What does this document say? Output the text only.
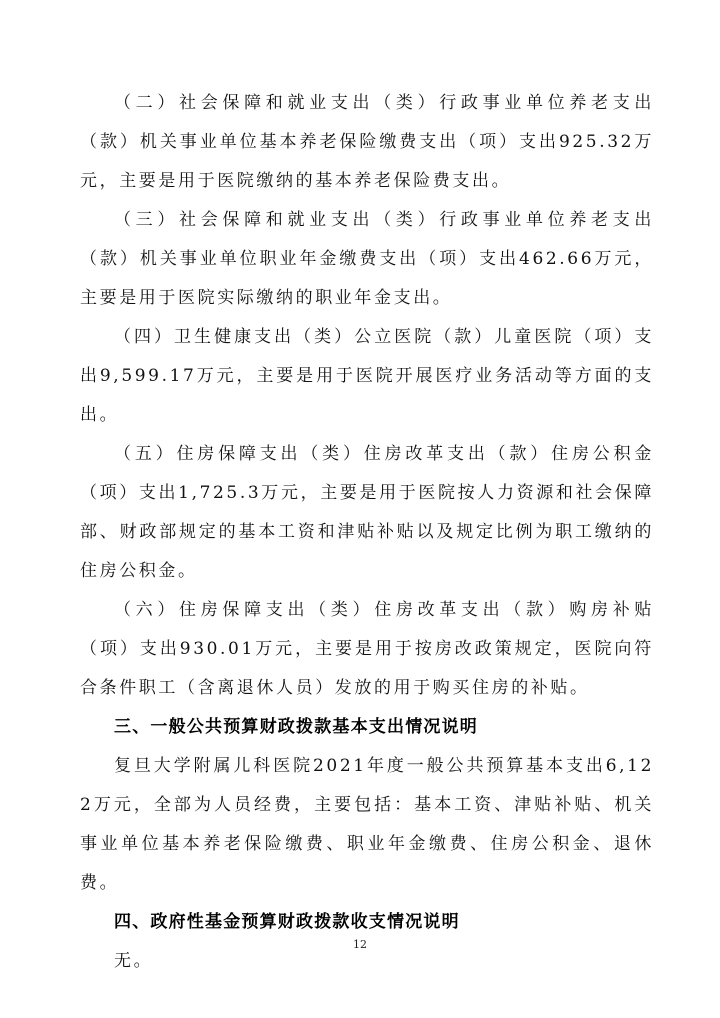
（二）社会保障和就业支出（类）行政事业单位养老支出（款）机关事业单位基本养老保险缴费支出（项）支出925.32万元，主要是用于医院缴纳的基本养老保险费支出。

（三）社会保障和就业支出（类）行政事业单位养老支出（款）机关事业单位职业年金缴费支出（项）支出462.66万元，主要是用于医院实际缴纳的职业年金支出。

（四）卫生健康支出（类）公立医院（款）儿童医院（项）支出9,599.17万元，主要是用于医院开展医疗业务活动等方面的支出。

（五）住房保障支出（类）住房改革支出（款）住房公积金（项）支出1,725.3万元，主要是用于医院按人力资源和社会保障部、财政部规定的基本工资和津贴补贴以及规定比例为职工缴纳的住房公积金。

（六）住房保障支出（类）住房改革支出（款）购房补贴（项）支出930.01万元，主要是用于按房改政策规定，医院向符合条件职工（含离退休人员）发放的用于购买住房的补贴。

三、一般公共预算财政拨款基本支出情况说明

复旦大学附属儿科医院2021年度一般公共预算基本支出6,122万元，全部为人员经费，主要包括：基本工资、津贴补贴、机关事业单位基本养老保险缴费、职业年金缴费、住房公积金、退休费。

四、政府性基金预算财政拨款收支情况说明

无。

12
